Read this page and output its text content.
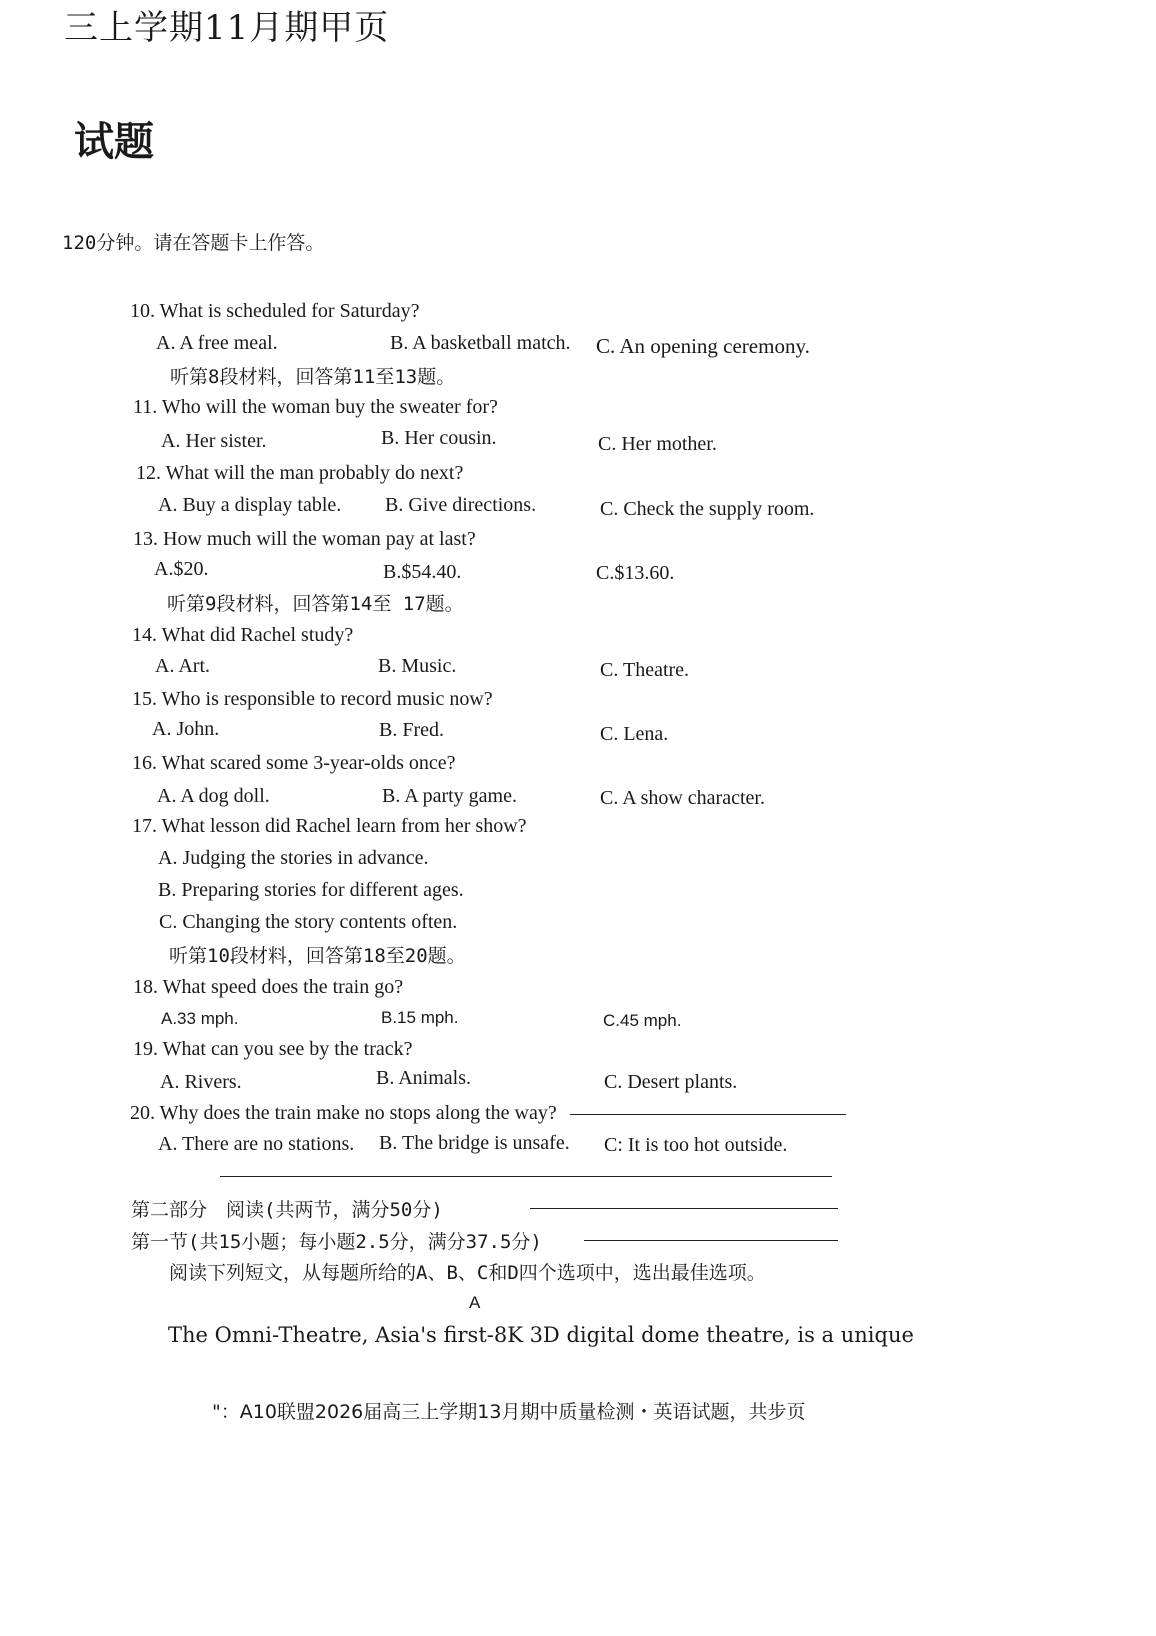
三上学期11月期甲页
试题
120分钟。请在答题卡上作答。
10. What is scheduled for Saturday?
A. A free meal.	B. A basketball match. C. An opening ceremony.
听第8段材料，回答第11至13题。
11. Who will the woman buy the sweater for?
A. Her sister.	B. Her cousin.	C. Her mother.
12. What will the man probably do next?
A. Buy a display table. B. Give directions.	C. Check the supply room.
13. How much will the woman pay at last?
A.$20.	B.$54.40.	C.$13.60.
听第9段材料，回答第14至 17题。
14. What did Rachel study?
A. Art.	B. Music.	C. Theatre.
15. Who is responsible to record music now?
A. John.	B. Fred.	C. Lena.
16. What scared some 3-year-olds once?
A. A dog doll.	B. A party game.	C. A show character.
17. What lesson did Rachel learn from her show?
A. Judging the stories in advance.
B. Preparing stories for different ages.
C. Changing the story contents often.
听第10段材料，回答第18至20题。
18. What speed does the train go?
A.33 mph.	B.15 mph.	C.45 mph.
19. What can you see by the track?
A. Rivers.	B. Animals.	C. Desert plants.
20. Why does the train make no stops along the way?
A. There are no stations. B. The bridge is unsafe. C: It is too hot outside.
第二部分　阅读(共两节，满分50分)
第一节(共15小题；每小题2.5分，满分37.5分)
阅读下列短文，从每题所给的A、B、C和D四个选项中，选出最佳选项。
A
The Omni-Theatre, Asia's first-8K 3D digital dome theatre, is a unique
"：A10联盟2026届高三上学期13月期中质量检测・英语试题，共步页
